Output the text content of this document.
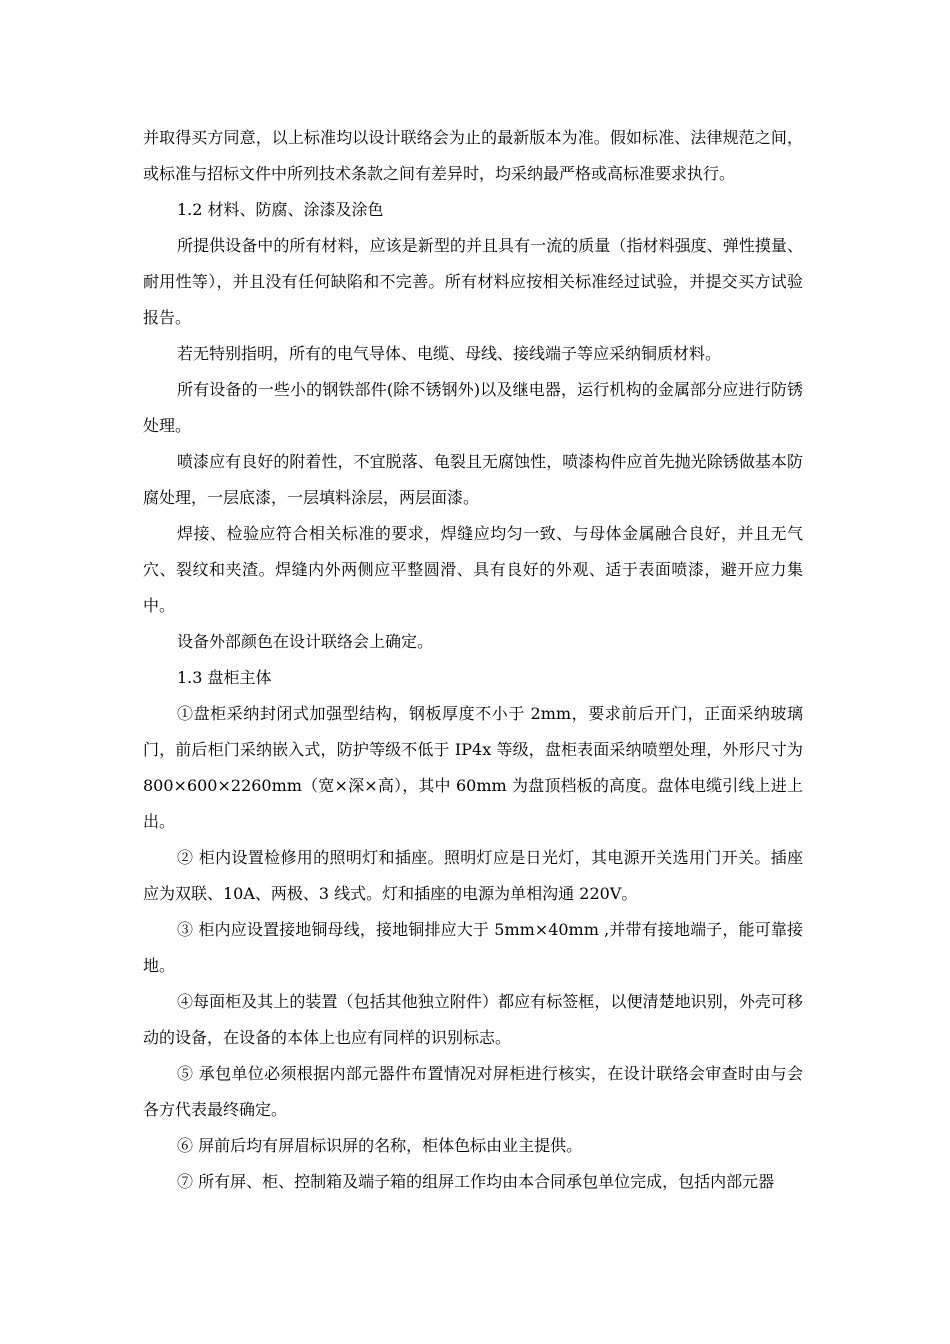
并取得买方同意，以上标准均以设计联络会为止的最新版本为准。假如标准、法律规范之间，或标准与招标文件中所列技术条款之间有差异时，均采纳最严格或高标准要求执行。

1.2 材料、防腐、涂漆及涂色

所提供设备中的所有材料，应该是新型的并且具有一流的质量（指材料强度、弹性摸量、耐用性等），并且没有任何缺陷和不完善。所有材料应按相关标准经过试验，并提交买方试验报告。

若无特别指明，所有的电气导体、电缆、母线、接线端子等应采纳铜质材料。

所有设备的一些小的钢铁部件(除不锈钢外)以及继电器，运行机构的金属部分应进行防锈处理。

喷漆应有良好的附着性，不宜脱落、龟裂且无腐蚀性，喷漆构件应首先抛光除锈做基本防腐处理，一层底漆，一层填料涂层，两层面漆。

焊接、检验应符合相关标准的要求，焊缝应均匀一致、与母体金属融合良好，并且无气穴、裂纹和夹渣。焊缝内外两侧应平整圆滑、具有良好的外观、适于表面喷漆，避开应力集中。

设备外部颜色在设计联络会上确定。

1.3 盘柜主体

①盘柜采纳封闭式加强型结构，钢板厚度不小于 2mm，要求前后开门，正面采纳玻璃门，前后柜门采纳嵌入式，防护等级不低于 IP4x 等级，盘柜表面采纳喷塑处理，外形尺寸为 800×600×2260mm（宽×深×高），其中 60mm 为盘顶档板的高度。盘体电缆引线上进上出。

② 柜内设置检修用的照明灯和插座。照明灯应是日光灯，其电源开关选用门开关。插座应为双联、10A、两极、3 线式。灯和插座的电源为单相沟通 220V。

③ 柜内应设置接地铜母线，接地铜排应大于 5mm×40mm ,并带有接地端子，能可靠接地。

④每面柜及其上的装置（包括其他独立附件）都应有标签框，以便清楚地识别，外壳可移动的设备，在设备的本体上也应有同样的识别标志。

⑤ 承包单位必须根据内部元器件布置情况对屏柜进行核实，在设计联络会审查时由与会各方代表最终确定。

⑥ 屏前后均有屏眉标识屏的名称，柜体色标由业主提供。

⑦ 所有屏、柜、控制箱及端子箱的组屏工作均由本合同承包单位完成，包括内部元器
